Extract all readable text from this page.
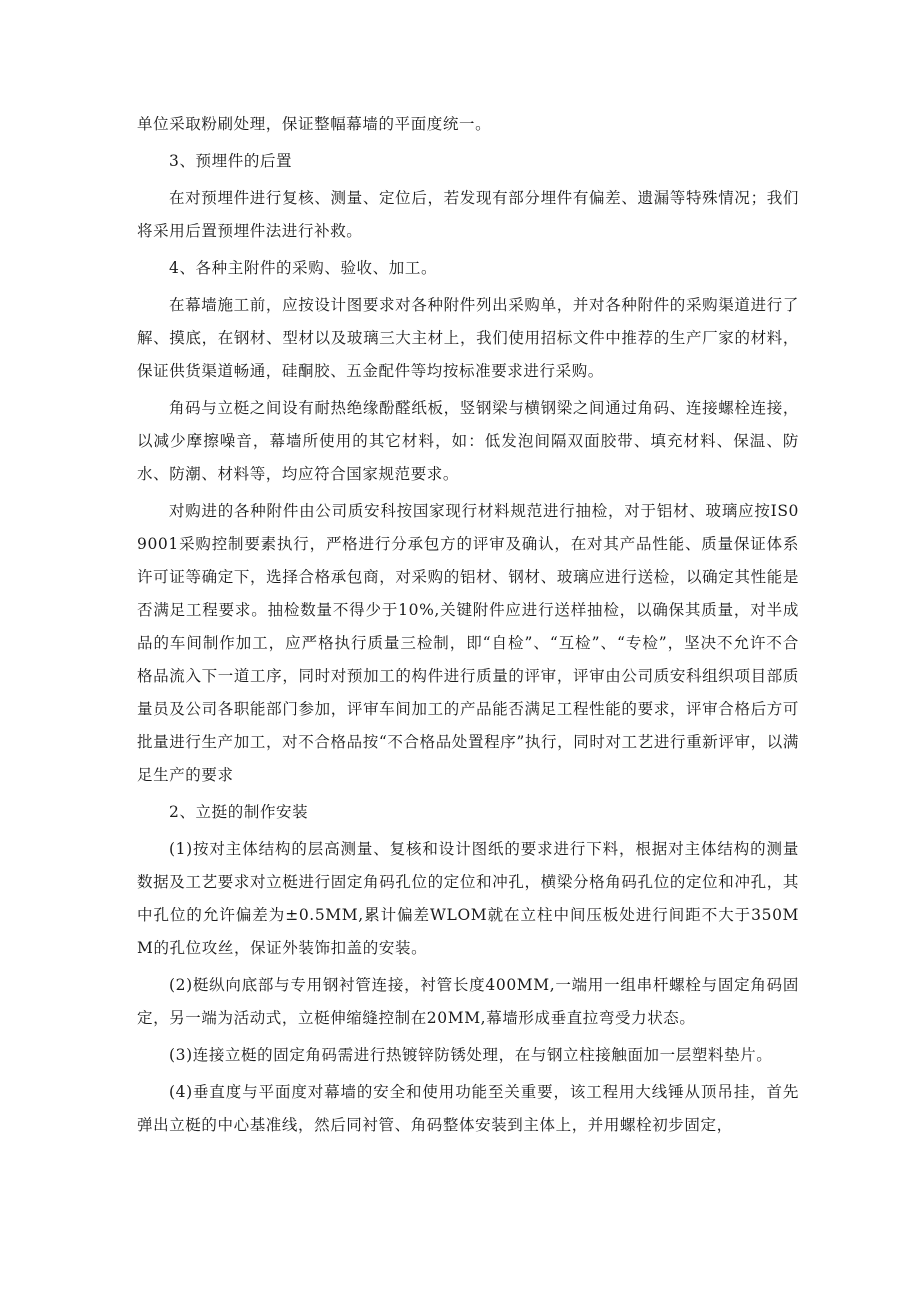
单位采取粉刷处理，保证整幅幕墙的平面度统一。

3、预埋件的后置

在对预埋件进行复核、测量、定位后，若发现有部分埋件有偏差、遗漏等特殊情况；我们将采用后置预埋件法进行补救。

4、各种主附件的采购、验收、加工。

在幕墙施工前，应按设计图要求对各种附件列出采购单，并对各种附件的采购渠道进行了解、摸底，在钢材、型材以及玻璃三大主材上，我们使用招标文件中推荐的生产厂家的材料，保证供货渠道畅通，硅酮胶、五金配件等均按标准要求进行采购。

角码与立梃之间设有耐热绝缘酚醛纸板，竖钢梁与横钢梁之间通过角码、连接螺栓连接，以减少摩擦噪音，幕墙所使用的其它材料，如：低发泡间隔双面胶带、填充材料、保温、防水、防潮、材料等，均应符合国家规范要求。

对购进的各种附件由公司质安科按国家现行材料规范进行抽检，对于铝材、玻璃应按IS09001采购控制要素执行，严格进行分承包方的评审及确认，在对其产品性能、质量保证体系许可证等确定下，选择合格承包商，对采购的铝材、钢材、玻璃应进行送检，以确定其性能是否满足工程要求。抽检数量不得少于10%,关键附件应进行送样抽检，以确保其质量，对半成品的车间制作加工，应严格执行质量三检制，即“自检”、“互检”、“专检”，坚决不允许不合格品流入下一道工序，同时对预加工的构件进行质量的评审，评审由公司质安科组织项目部质量员及公司各职能部门参加，评审车间加工的产品能否满足工程性能的要求，评审合格后方可批量进行生产加工，对不合格品按“不合格品处置程序”执行，同时对工艺进行重新评审，以满足生产的要求

2、立挺的制作安装

(1)按对主体结构的层高测量、复核和设计图纸的要求进行下料，根据对主体结构的测量数据及工艺要求对立梃进行固定角码孔位的定位和冲孔，横梁分格角码孔位的定位和冲孔，其中孔位的允许偏差为±0.5MM,累计偏差WLOM就在立柱中间压板处进行间距不大于350MM的孔位攻丝，保证外装饰扣盖的安装。

(2)梃纵向底部与专用钢衬管连接，衬管长度400MM,一端用一组串杆螺栓与固定角码固定，另一端为活动式，立梃伸缩缝控制在20MM,幕墙形成垂直拉弯受力状态。

(3)连接立梃的固定角码需进行热镀锌防锈处理，在与钢立柱接触面加一层塑料垫片。

(4)垂直度与平面度对幕墙的安全和使用功能至关重要，该工程用大线锤从顶吊挂，首先弹出立梃的中心基准线，然后同衬管、角码整体安装到主体上，并用螺栓初步固定，
